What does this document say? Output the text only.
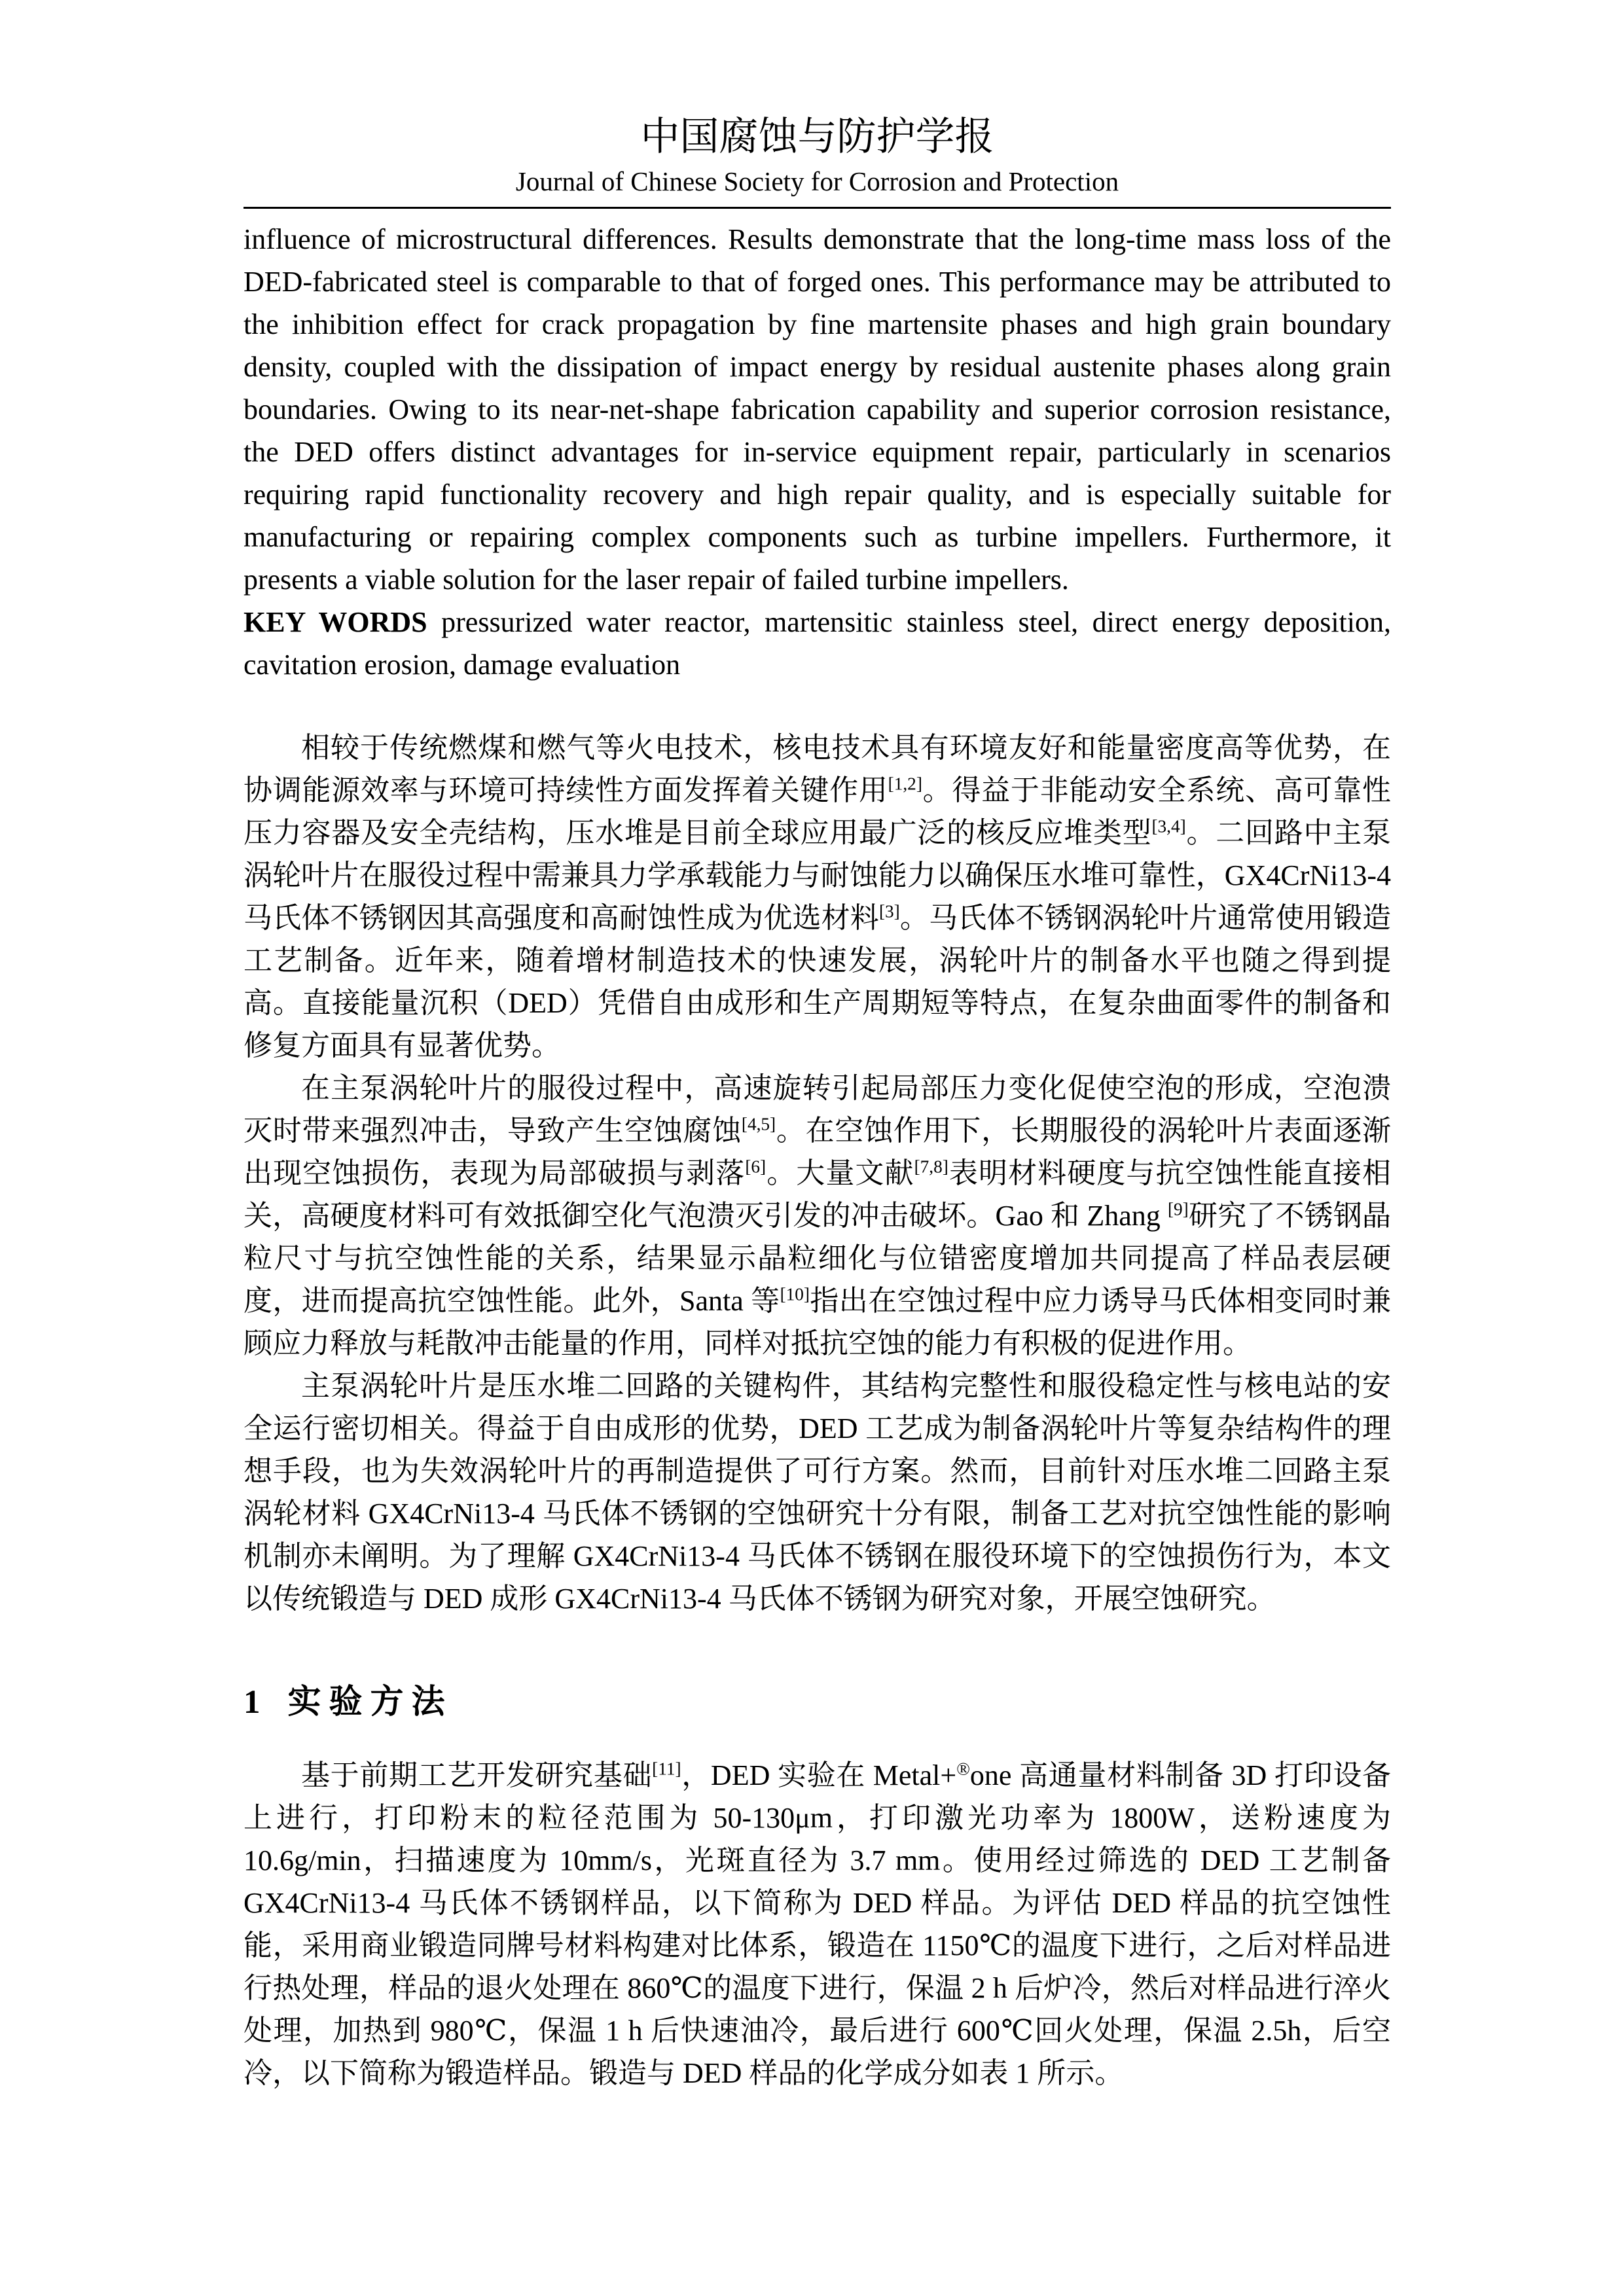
中国腐蚀与防护学报
Journal of Chinese Society for Corrosion and Protection

influence of microstructural differences. Results demonstrate that the long-time mass loss of the DED-fabricated steel is comparable to that of forged ones. This performance may be attributed to the inhibition effect for crack propagation by fine martensite phases and high grain boundary density, coupled with the dissipation of impact energy by residual austenite phases along grain boundaries. Owing to its near-net-shape fabrication capability and superior corrosion resistance, the DED offers distinct advantages for in-service equipment repair, particularly in scenarios requiring rapid functionality recovery and high repair quality, and is especially suitable for manufacturing or repairing complex components such as turbine impellers. Furthermore, it presents a viable solution for the laser repair of failed turbine impellers.

KEY WORDS pressurized water reactor, martensitic stainless steel, direct energy deposition, cavitation erosion, damage evaluation

相较于传统燃煤和燃气等火电技术，核电技术具有环境友好和能量密度高等优势，在协调能源效率与环境可持续性方面发挥着关键作用[1,2]。得益于非能动安全系统、高可靠性压力容器及安全壳结构，压水堆是目前全球应用最广泛的核反应堆类型[3,4]。二回路中主泵涡轮叶片在服役过程中需兼具力学承载能力与耐蚀能力以确保压水堆可靠性，GX4CrNi13-4 马氏体不锈钢因其高强度和高耐蚀性成为优选材料[3]。马氏体不锈钢涡轮叶片通常使用锻造工艺制备。近年来，随着增材制造技术的快速发展，涡轮叶片的制备水平也随之得到提高。直接能量沉积（DED）凭借自由成形和生产周期短等特点，在复杂曲面零件的制备和修复方面具有显著优势。

在主泵涡轮叶片的服役过程中，高速旋转引起局部压力变化促使空泡的形成，空泡溃灭时带来强烈冲击，导致产生空蚀腐蚀[4,5]。在空蚀作用下，长期服役的涡轮叶片表面逐渐出现空蚀损伤，表现为局部破损与剥落[6]。大量文献[7,8]表明材料硬度与抗空蚀性能直接相关，高硬度材料可有效抵御空化气泡溃灭引发的冲击破坏。Gao 和 Zhang [9]研究了不锈钢晶粒尺寸与抗空蚀性能的关系，结果显示晶粒细化与位错密度增加共同提高了样品表层硬度，进而提高抗空蚀性能。此外，Santa 等[10]指出在空蚀过程中应力诱导马氏体相变同时兼顾应力释放与耗散冲击能量的作用，同样对抵抗空蚀的能力有积极的促进作用。

主泵涡轮叶片是压水堆二回路的关键构件，其结构完整性和服役稳定性与核电站的安全运行密切相关。得益于自由成形的优势，DED 工艺成为制备涡轮叶片等复杂结构件的理想手段，也为失效涡轮叶片的再制造提供了可行方案。然而，目前针对压水堆二回路主泵涡轮材料 GX4CrNi13-4 马氏体不锈钢的空蚀研究十分有限，制备工艺对抗空蚀性能的影响机制亦未阐明。为了理解 GX4CrNi13-4 马氏体不锈钢在服役环境下的空蚀损伤行为，本文以传统锻造与 DED 成形 GX4CrNi13-4 马氏体不锈钢为研究对象，开展空蚀研究。

1 实验方法

基于前期工艺开发研究基础[11]，DED 实验在 Metal+®one 高通量材料制备 3D 打印设备上进行，打印粉末的粒径范围为 50-130μm，打印激光功率为 1800W，送粉速度为 10.6g/min，扫描速度为 10mm/s，光斑直径为 3.7 mm。使用经过筛选的 DED 工艺制备 GX4CrNi13-4 马氏体不锈钢样品，以下简称为 DED 样品。为评估 DED 样品的抗空蚀性能，采用商业锻造同牌号材料构建对比体系，锻造在 1150℃的温度下进行，之后对样品进行热处理，样品的退火处理在 860℃的温度下进行，保温 2 h 后炉冷，然后对样品进行淬火处理，加热到 980℃，保温 1 h 后快速油冷，最后进行 600℃回火处理，保温 2.5h，后空冷，以下简称为锻造样品。锻造与 DED 样品的化学成分如表 1 所示。
